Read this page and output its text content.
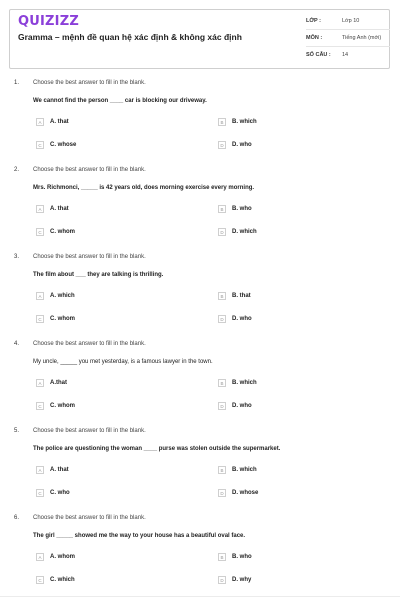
QUIZIZZ
Gramma – mệnh đề quan hệ xác định & không xác định
LỚP :	Lớp 10
MÔN :	Tiếng Anh (mới)
SỐ CÂU :	14
1. Choose the best answer to fill in the blank.
We cannot find the person ____ car is blocking our driveway.
A	A. that	B	B. which
C	C. whose	D	D. who
2. Choose the best answer to fill in the blank.
Mrs. Richmonci, _____ is 42 years old, does morning exercise every morning.
A	A. that	B	B. who
C	C. whom	D	D. which
3. Choose the best answer to fill in the blank.
The film about ___ they are talking is thrilling.
A	A. which	B	B. that
C	C. whom	D	D. who
4. Choose the best answer to fill in the blank.
My uncle, _____ you met yesterday, is a famous lawyer in the town.
A	A.that	B	B. which
C	C. whom	D	D. who
5. Choose the best answer to fill in the blank.
The police are questioning the woman ____ purse was stolen outside the supermarket.
A	A. that	B	B. which
C	C. who	D	D. whose
6. Choose the best answer to fill in the blank.
The girl _____ showed me the way to your house has a beautiful oval face.
A	A. whom	B	B. who
C	C. which	D	D. why
